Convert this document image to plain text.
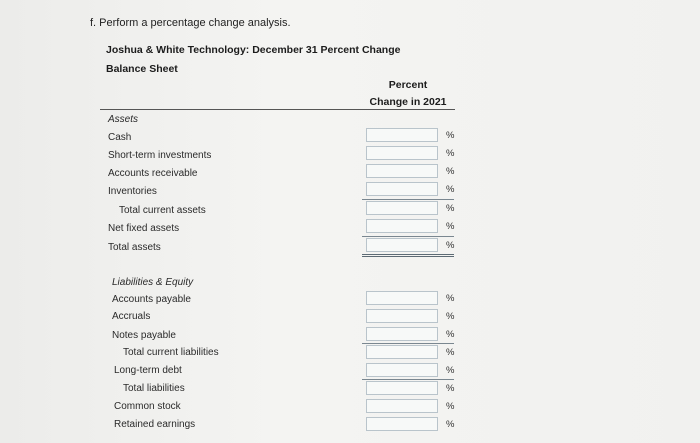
f. Perform a percentage change analysis.
Joshua & White Technology: December 31 Percent Change
Balance Sheet
Percent
Change in 2021
Assets
Cash	%
Short-term investments	%
Accounts receivable	%
Inventories	%
Total current assets	%
Net fixed assets	%
Total assets	%
Liabilities & Equity
Accounts payable	%
Accruals	%
Notes payable	%
Total current liabilities	%
Long-term debt	%
Total liabilities	%
Common stock	%
Retained earnings	%
